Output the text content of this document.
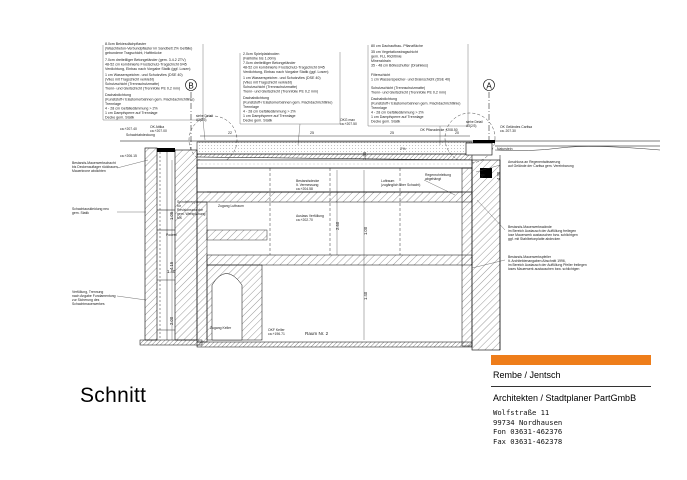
8.0cm Bekiesdächpflaster (Waschbeton-Verbundpflaster im Sandbett 2% Gefälle) gebundene Tragschicht, Haftbrücke 7.0cm dreiteilliger Betongeländer (gem. 3.4.2 ZTV) 48-52 cm kombinierte Frostschutz-Tragschicht 0/45 Verdichtung, Einbau nach Vorgabe Statik (ggf. Losen) 1 cm Wasserspeicher- und Schutzvlies (DSE 40) (Vlies mit Tragschicht verklebt) Schutzschicht (Trennschutzmatte) Trenn- und Gleitschicht (Trennfolie PE 0,2 mm) Dachabdichtung (Kunststoff-/ Elastomerbahnen gem. Flachdachrichtlinie) Trennlage 4 - 28 cm Gefälledämmung > 2% 1 cm Dampfsperre auf Trennlage Decke gem. Statik
2.0cm Spielplatzboden (Fallhöhe bis 1,00m) 7.0cm dreiteilliger Betongeländer 48-52 cm kombinierte Frostschutz-Tragschicht 0/45 Verdichtung, Einbau nach Vorgabe Statik (ggf. Losen) 1 cm Wasserspeicher- und Schutzvlies (DSE 40) (Vlies mit Tragschicht verklebt) Schutzschicht (Trennschutzmatte) Trenn- und Gleitschicht (Trennfolie PE 0,2 mm) Dachabdichtung (Kunststoff-/ Elastomerbahnen gem. Flachdachrichtlinie) Trennlage 4 - 28 cm Gefälledämmung > 2% 1 cm Dampfsperre auf Trennlage Decke gem. Statik
80 cm Dachaufbau- Pflanzfläche 35 cm Vegetationstragschicht gem. FLL Richtlinie Mineraldrain 35 - 48 cm Bölleschutter (Drainkies) Filterschicht 1 cm Wasserspeicher- und Drainschicht (DSE 40) Schutzschicht (Trennschutzmatte) Trenn- und Gleitschicht (Trennfolie PE 0,2 mm) Dachabdichtung (Kunststoff-/ Elastomerbahnen gem. Flachdachrichtlinie) Trennlage 4 - 28 cm Gefälledämmung > 2% 1 cm Dampfsperre auf Trennlage Decke gem. Statik
B	A
siehe Detail A3(2/3)	siehe Detail A3(2/3)
22	25	25	20
1.65
1.40
1.00
4.15
2.00
1.05
1.40
2.60
4.30
OK Attika
ca.+207.00
Schachtabdeckung
ca.+207.40
ca.+206.15
OKG max
ca.+207.50
OK Pflanzdecke +208.50
OK Geländes Carltsa
ca. 207.30
Naturstein
3°
2%
Bestands-Mauerwerkschacht bis Deckenauflager rückbauen Mauerkrone abdichten
Schachtauskleidung neu gem. Statik
Verfüllung, Trennung nach Angabe Fundamentung zur Sicherung des Schachtmauerwerkes
Spindeltreppe für Revisionszwecke gem. Werkplanung MK
Podest
Zugang Luftraum
Zugang Keller	OKF Keller ca.+196.71	Raum Nr. 2
Bestandsdecke lt. Vermessung ca.+204.58
Auslass Verfüllung ca.+202.70
Luftraum (zugänglich über Schacht)
Regenrohrleitung abgehängt
Anschluss an Regenentwässerung auf Gelände der Carltsa gem. Vereinbarung
Bestands-Mauerwerkswände im Bereich Austausch der Auffüllung freilegen lose Mauerwerk austauschen bzw. schlichtgen ggf. mit Stahlbetonplatte abdecken
Bestands-Mauerwerkspfeiler lt. Architektenangaben Abschnitt 1996, im Bereich Austausch der Auffüllung Pfeiler freilegen loses Mauerwerk austauschen bzw. schlichtgen
Schnitt
Rembe / Jentsch
Architekten / Stadtplaner PartGmbB
Wolfstraße 11
99734 Nordhausen
Fon 03631-462376
Fax 03631-462378
